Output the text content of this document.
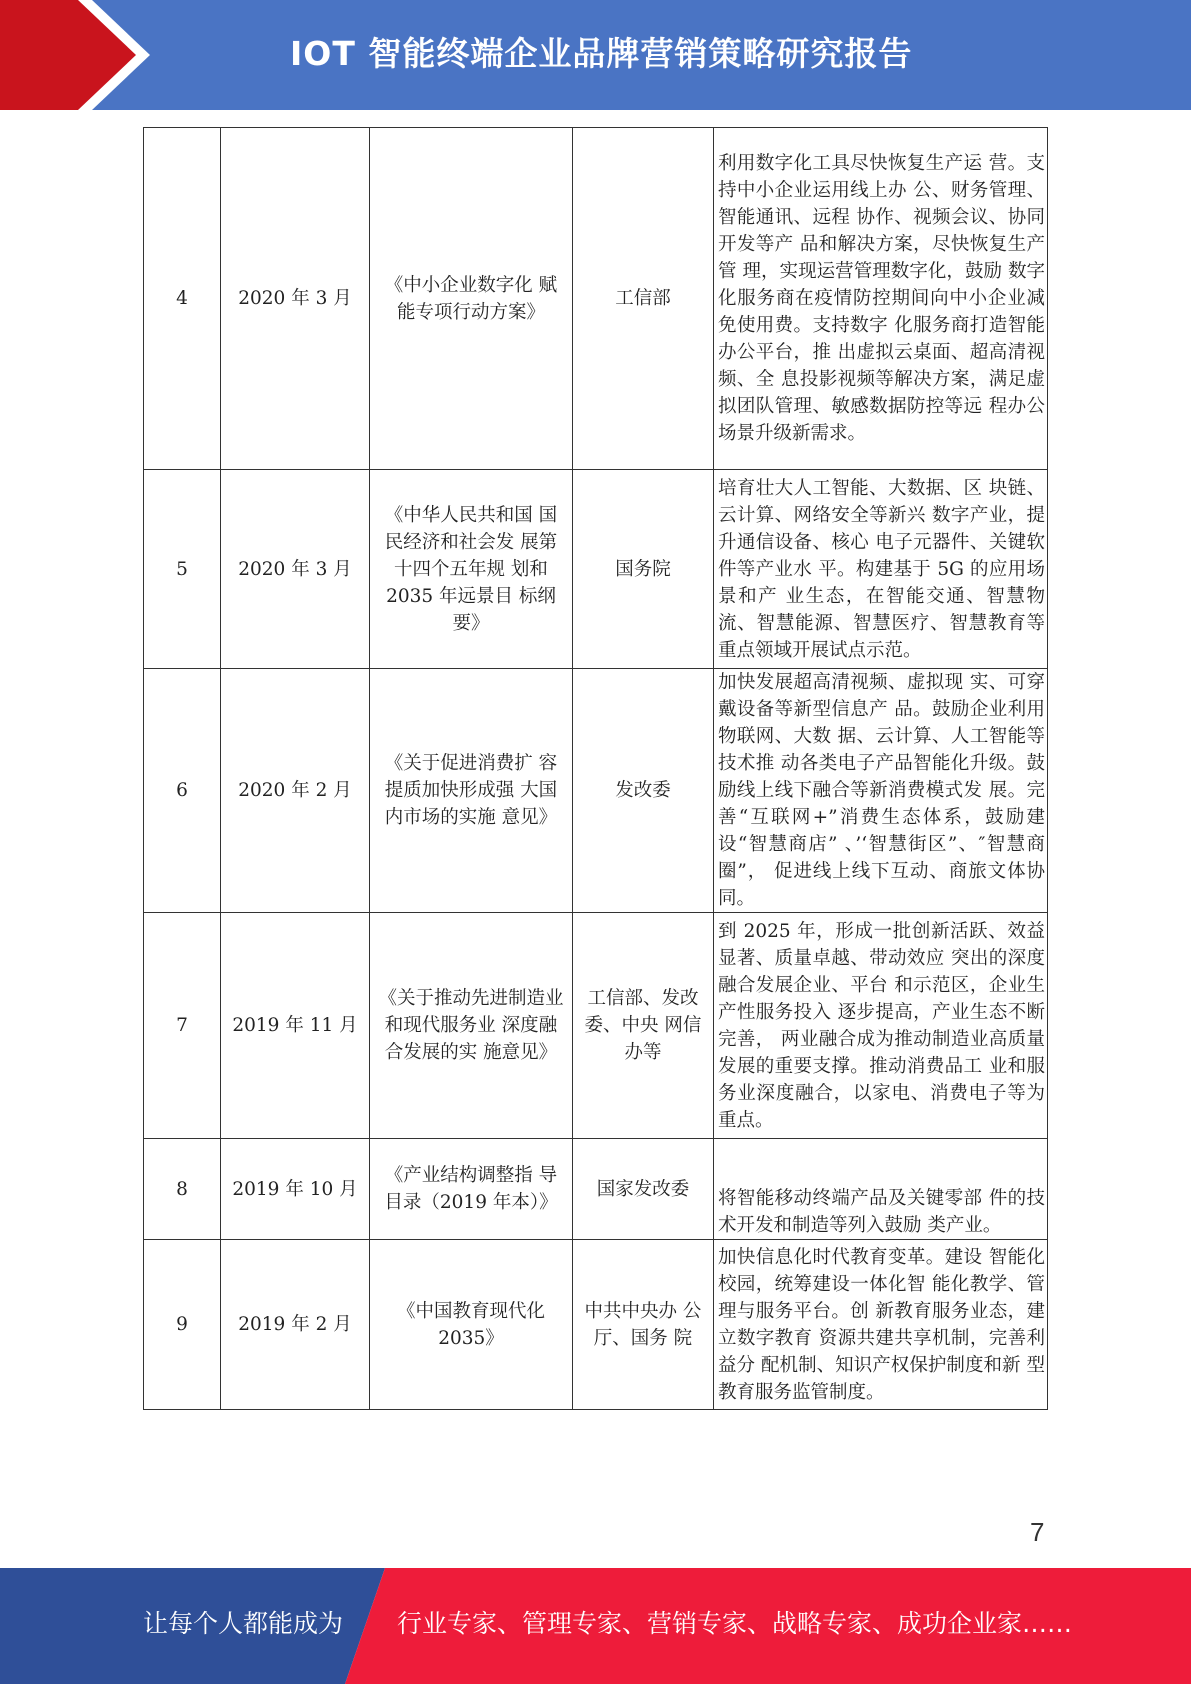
IOT 智能终端企业品牌营销策略研究报告
4	2020 年 3 月	《中小企业数字化 赋能专项行动方案》	工信部	利用数字化工具尽快恢复生产运 营。支持中小企业运用线上办 公、财务管理、智能通讯、远程 协作、视频会议、协同开发等产 品和解决方案，尽快恢复生产管 理，实现运营管理数字化，鼓励 数字化服务商在疫情防控期间向中小企业减免使用费。支持数字 化服务商打造智能办公平台，推 出虚拟云桌面、超高清视频、全 息投影视频等解决方案，满足虚 拟团队管理、敏感数据防控等远 程办公场景升级新需求。
5	2020 年 3 月	《中华人民共和国 国民经济和社会发 展第十四个五年规 划和 2035 年远景目 标纲要》	国务院	培育壮大人工智能、大数据、区 块链、云计算、网络安全等新兴 数字产业，提升通信设备、核心 电子元器件、关键软件等产业水 平。构建基于 5G 的应用场景和产 业生态，在智能交通、智慧物 流、智慧能源、智慧医疗、智慧教育等重点领域开展试点示范。
6	2020 年 2 月	《关于促进消费扩 容提质加快形成强 大国内市场的实施 意见》	发改委	加快发展超高清视频、虚拟现 实、可穿戴设备等新型信息产 品。鼓励企业利用物联网、大数 据、云计算、人工智能等技术推 动各类电子产品智能化升级。鼓 励线上线下融合等新消费模式发 展。完善“互联网+”消费生态体系，鼓励建设“智慧商店” 、’‘智慧街区”、″智慧商圈”， 促进线上线下互动、商旅文体协 同。
7	2019 年 11 月	《关于推动先进制造业和现代服务业 深度融合发展的实 施意见》	工信部、发改委、中央 网信办等	到 2025 年，形成一批创新活跃、效益显著、质量卓越、带动效应 突出的深度融合发展企业、平台 和示范区，企业生产性服务投入 逐步提高，产业生态不断完善， 两业融合成为推动制造业高质量 发展的重要支撑。推动消费品工 业和服务业深度融合，以家电、消费电子等为重点。
8	2019 年 10 月	《产业结构调整指 导目录（2019 年本）》	国家发改委	将智能移动终端产品及关键零部 件的技术开发和制造等列入鼓励 类产业。
9	2019 年 2 月	《中国教育现代化 2035》	中共中央办 公厅、国务 院	加快信息化时代教育变革。建设 智能化校园，统筹建设一体化智 能化教学、管理与服务平台。创 新教育服务业态，建立数字教育 资源共建共享机制，完善利益分 配机制、知识产权保护制度和新 型教育服务监管制度。
7
让每个人都能成为 行业专家、管理专家、营销专家、战略专家、成功企业家……
